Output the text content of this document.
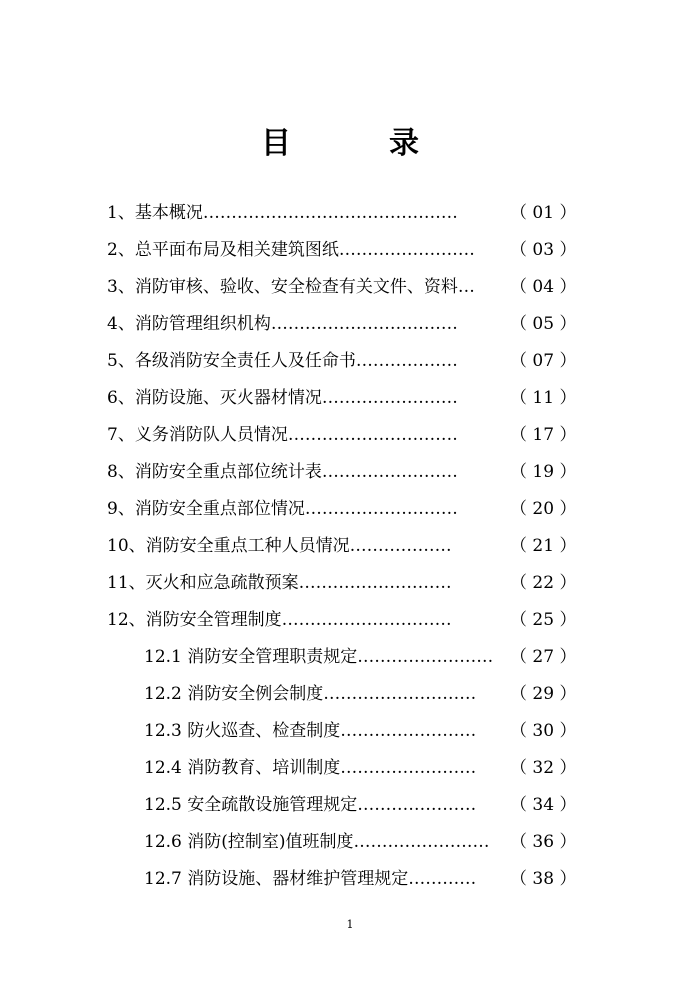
目	录
1、基本概况………………………………………	（ 01 ）
2、总平面布局及相关建筑图纸…………………… （ 03 ）
3、消防审核、验收、安全检查有关文件、资料… （ 04 ）
4、消防管理组织机构……………………………	（ 05 ）
5、各级消防安全责任人及任命书………………	（ 07 ）
6、消防设施、灭火器材情况……………………	（ 11 ）
7、义务消防队人员情况…………………………	（ 17 ）
8、消防安全重点部位统计表……………………	（ 19 ）
9、消防安全重点部位情况………………………	（ 20 ）
10、消防安全重点工种人员情况………………	（ 21 ）
11、灭火和应急疏散预案………………………	（ 22 ）
12、消防安全管理制度…………………………	（ 25 ）
12.1 消防安全管理职责规定…………………… （ 27 ）
12.2 消防安全例会制度……………………… （ 29 ）
12.3 防火巡查、检查制度…………………… （ 30 ）
12.4 消防教育、培训制度…………………… （ 32 ）
12.5 安全疏散设施管理规定………………… （ 34 ）
12.6 消防(控制室)值班制度…………………… （ 36 ）
12.7 消防设施、器材维护管理规定………… （ 38 ）
1
